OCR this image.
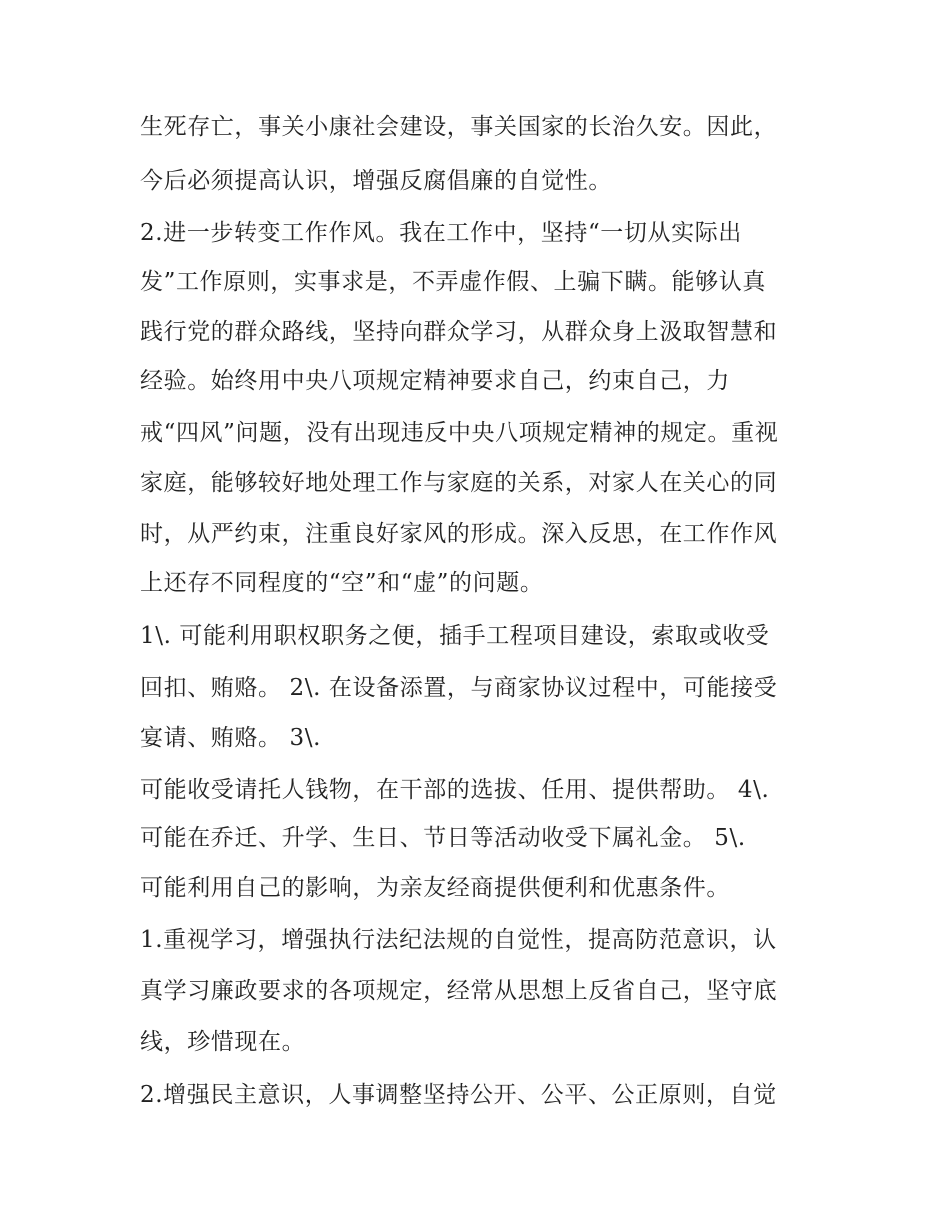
生死存亡，事关小康社会建设，事关国家的长治久安。因此，
今后必须提高认识，增强反腐倡廉的自觉性。
2.进一步转变工作作风。我在工作中，坚持“一切从实际出
发”工作原则，实事求是，不弄虚作假、上骗下瞒。能够认真
践行党的群众路线，坚持向群众学习，从群众身上汲取智慧和
经验。始终用中央八项规定精神要求自己，约束自己，力
戒“四风”问题，没有出现违反中央八项规定精神的规定。重视
家庭，能够较好地处理工作与家庭的关系，对家人在关心的同
时，从严约束，注重良好家风的形成。深入反思，在工作作风
上还存不同程度的“空”和“虚”的问题。
1\. 可能利用职权职务之便，插手工程项目建设，索取或收受
回扣、贿赂。 2\. 在设备添置，与商家协议过程中，可能接受
宴请、贿赂。 3\.
可能收受请托人钱物，在干部的选拔、任用、提供帮助。 4\.
可能在乔迁、升学、生日、节日等活动收受下属礼金。 5\.
可能利用自己的影响，为亲友经商提供便利和优惠条件。
1.重视学习，增强执行法纪法规的自觉性，提高防范意识，认
真学习廉政要求的各项规定，经常从思想上反省自己，坚守底
线，珍惜现在。
2.增强民主意识，人事调整坚持公开、公平、公正原则，自觉
